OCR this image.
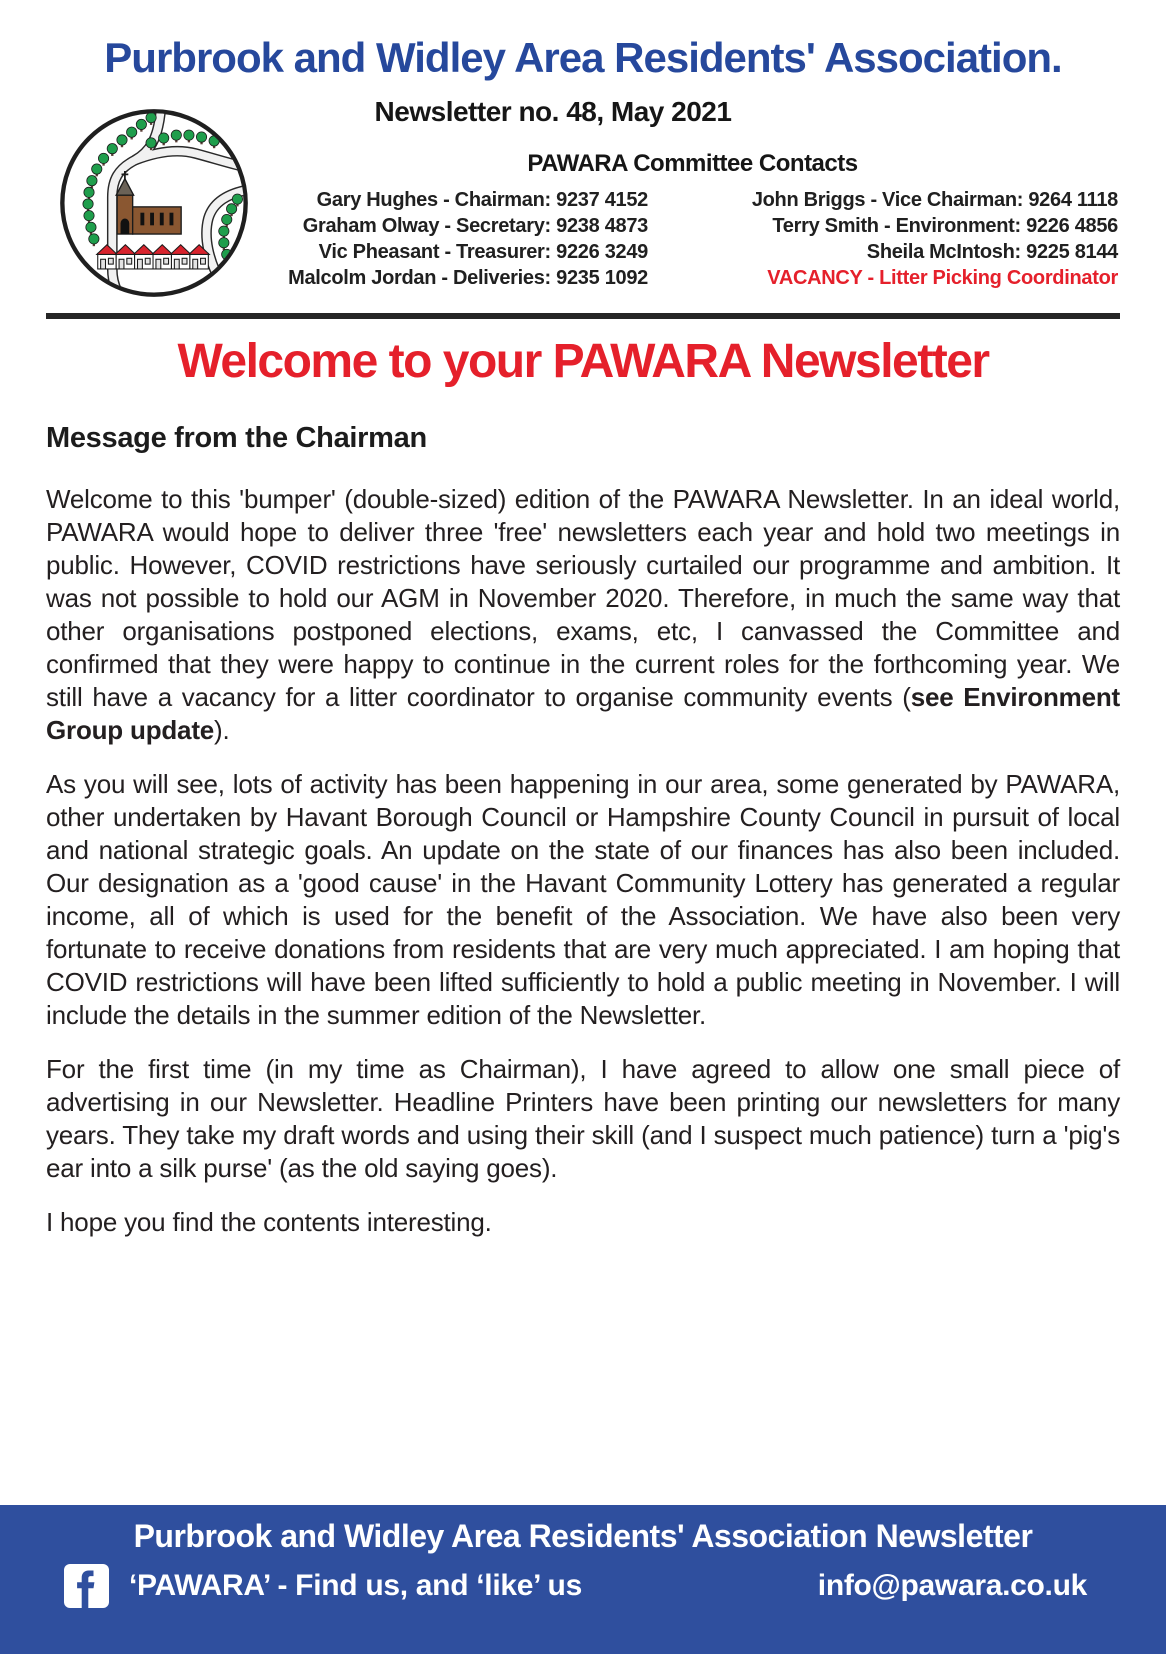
Purbrook and Widley Area Residents' Association.
Newsletter no. 48, May 2021
PAWARA Committee Contacts
Gary Hughes - Chairman: 9237 4152
Graham Olway - Secretary: 9238 4873
Vic Pheasant - Treasurer: 9226 3249
Malcolm Jordan - Deliveries: 9235 1092
John Briggs - Vice Chairman: 9264 1118
Terry Smith - Environment: 9226 4856
Sheila McIntosh: 9225 8144
VACANCY - Litter Picking Coordinator
Welcome to your PAWARA Newsletter
Message from the Chairman

Welcome to this 'bumper' (double-sized) edition of the PAWARA Newsletter. In an ideal world, PAWARA would hope to deliver three 'free' newsletters each year and hold two meetings in public. However, COVID restrictions have seriously curtailed our programme and ambition. It was not possible to hold our AGM in November 2020. Therefore, in much the same way that other organisations postponed elections, exams, etc, I canvassed the Committee and confirmed that they were happy to continue in the current roles for the forthcoming year. We still have a vacancy for a litter coordinator to organise community events (see Environment Group update).

As you will see, lots of activity has been happening in our area, some generated by PAWARA, other undertaken by Havant Borough Council or Hampshire County Council in pursuit of local and national strategic goals. An update on the state of our finances has also been included. Our designation as a 'good cause' in the Havant Community Lottery has generated a regular income, all of which is used for the benefit of the Association. We have also been very fortunate to receive donations from residents that are very much appreciated. I am hoping that COVID restrictions will have been lifted sufficiently to hold a public meeting in November. I will include the details in the summer edition of the Newsletter.

For the first time (in my time as Chairman), I have agreed to allow one small piece of advertising in our Newsletter. Headline Printers have been printing our newsletters for many years. They take my draft words and using their skill (and I suspect much patience) turn a 'pig's ear into a silk purse' (as the old saying goes).

I hope you find the contents interesting.

Purbrook and Widley Area Residents' Association Newsletter
‘PAWARA’ - Find us, and ‘like’ us	info@pawara.co.uk
